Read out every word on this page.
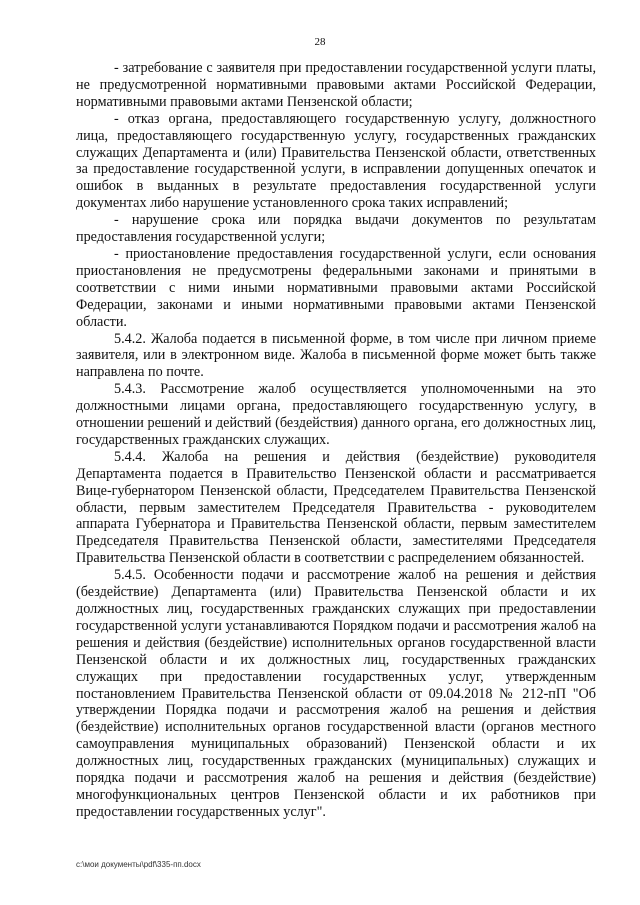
28

- затребование с заявителя при предоставлении государственной услуги платы, не предусмотренной нормативными правовыми актами Российской Федерации, нормативными правовыми актами Пензенской области;

- отказ органа, предоставляющего государственную услугу, должностного лица, предоставляющего государственную услугу, государственных гражданских служащих Департамента и (или) Правительства Пензенской области, ответственных за предоставление государственной услуги, в исправлении допущенных опечаток и ошибок в выданных в результате предоставления государственной услуги документах либо нарушение установленного срока таких исправлений;

- нарушение срока или порядка выдачи документов по результатам предоставления государственной услуги;

- приостановление предоставления государственной услуги, если основания приостановления не предусмотрены федеральными законами и принятыми в соответствии с ними иными нормативными правовыми актами Российской Федерации, законами и иными нормативными правовыми актами Пензенской области.

5.4.2. Жалоба подается в письменной форме, в том числе при личном приеме заявителя, или в электронном виде. Жалоба в письменной форме может быть также направлена по почте.

5.4.3. Рассмотрение жалоб осуществляется уполномоченными на это должностными лицами органа, предоставляющего государственную услугу, в отношении решений и действий (бездействия) данного органа, его должностных лиц, государственных гражданских служащих.

5.4.4. Жалоба на решения и действия (бездействие) руководителя Департамента подается в Правительство Пензенской области и рассматривается Вице-губернатором Пензенской области, Председателем Правительства Пензенской области, первым заместителем Председателя Правительства - руководителем аппарата Губернатора и Правительства Пензенской области, первым заместителем Председателя Правительства Пензенской области, заместителями Председателя Правительства Пензенской области в соответствии с распределением обязанностей.

5.4.5. Особенности подачи и рассмотрение жалоб на решения и действия (бездействие) Департамента (или) Правительства Пензенской области и их должностных лиц, государственных гражданских служащих при предоставлении государственной услуги устанавливаются Порядком подачи и рассмотрения жалоб на решения и действия (бездействие) исполнительных органов государственной власти Пензенской области и их должностных лиц, государственных гражданских служащих при предоставлении государственных услуг, утвержденным постановлением Правительства Пензенской области от 09.04.2018 № 212-пП "Об утверждении Порядка подачи и рассмотрения жалоб на решения и действия (бездействие) исполнительных органов государственной власти (органов местного самоуправления муниципальных образований) Пензенской области и их должностных лиц, государственных гражданских (муниципальных) служащих и порядка подачи и рассмотрения жалоб на решения и действия (бездействие) многофункциональных центров Пензенской области и их работников при предоставлении государственных услуг".

c:\мои документы\pdf\335-пп.docx
